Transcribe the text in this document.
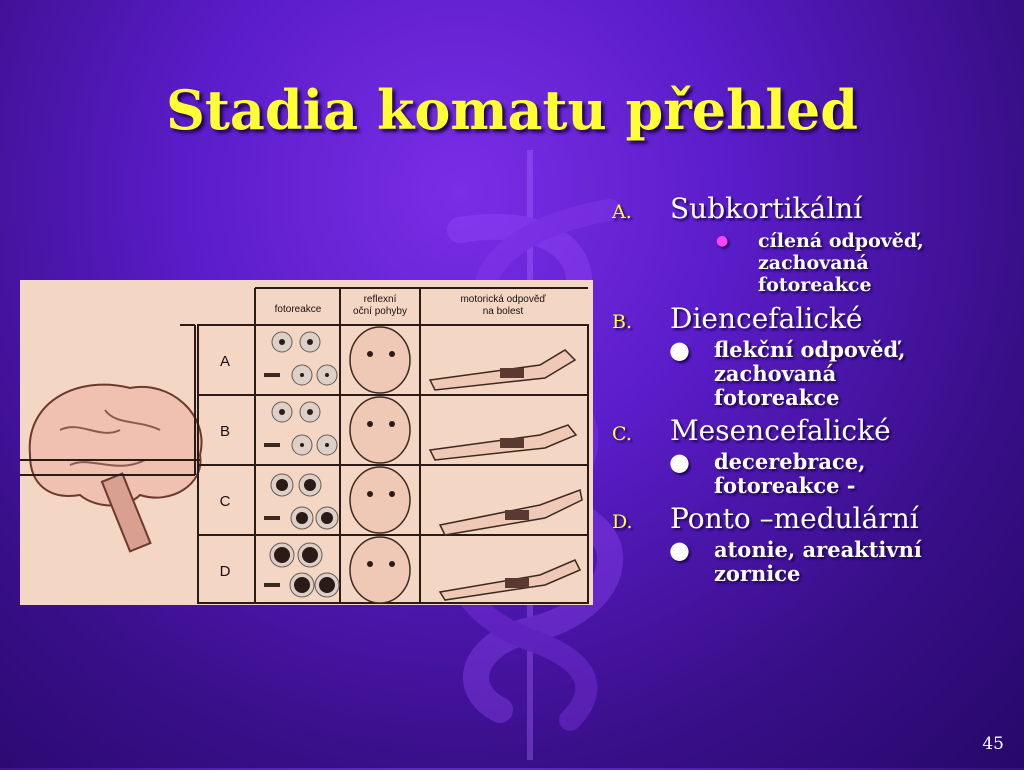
Stadia komatu přehled
fotoreakce
reflexní
oční pohyby
motorická odpověď
na bolest
A
B
C
D
A. Subkortikální
● cílená odpověď,
zachovaná
fotoreakce
B. Diencefalické
● flekční odpověď,
zachovaná
fotoreakce
C. Mesencefalické
● decerebrace,
fotoreakce -
D. Ponto –medulární
● atonie, areaktivní
zornice
45
